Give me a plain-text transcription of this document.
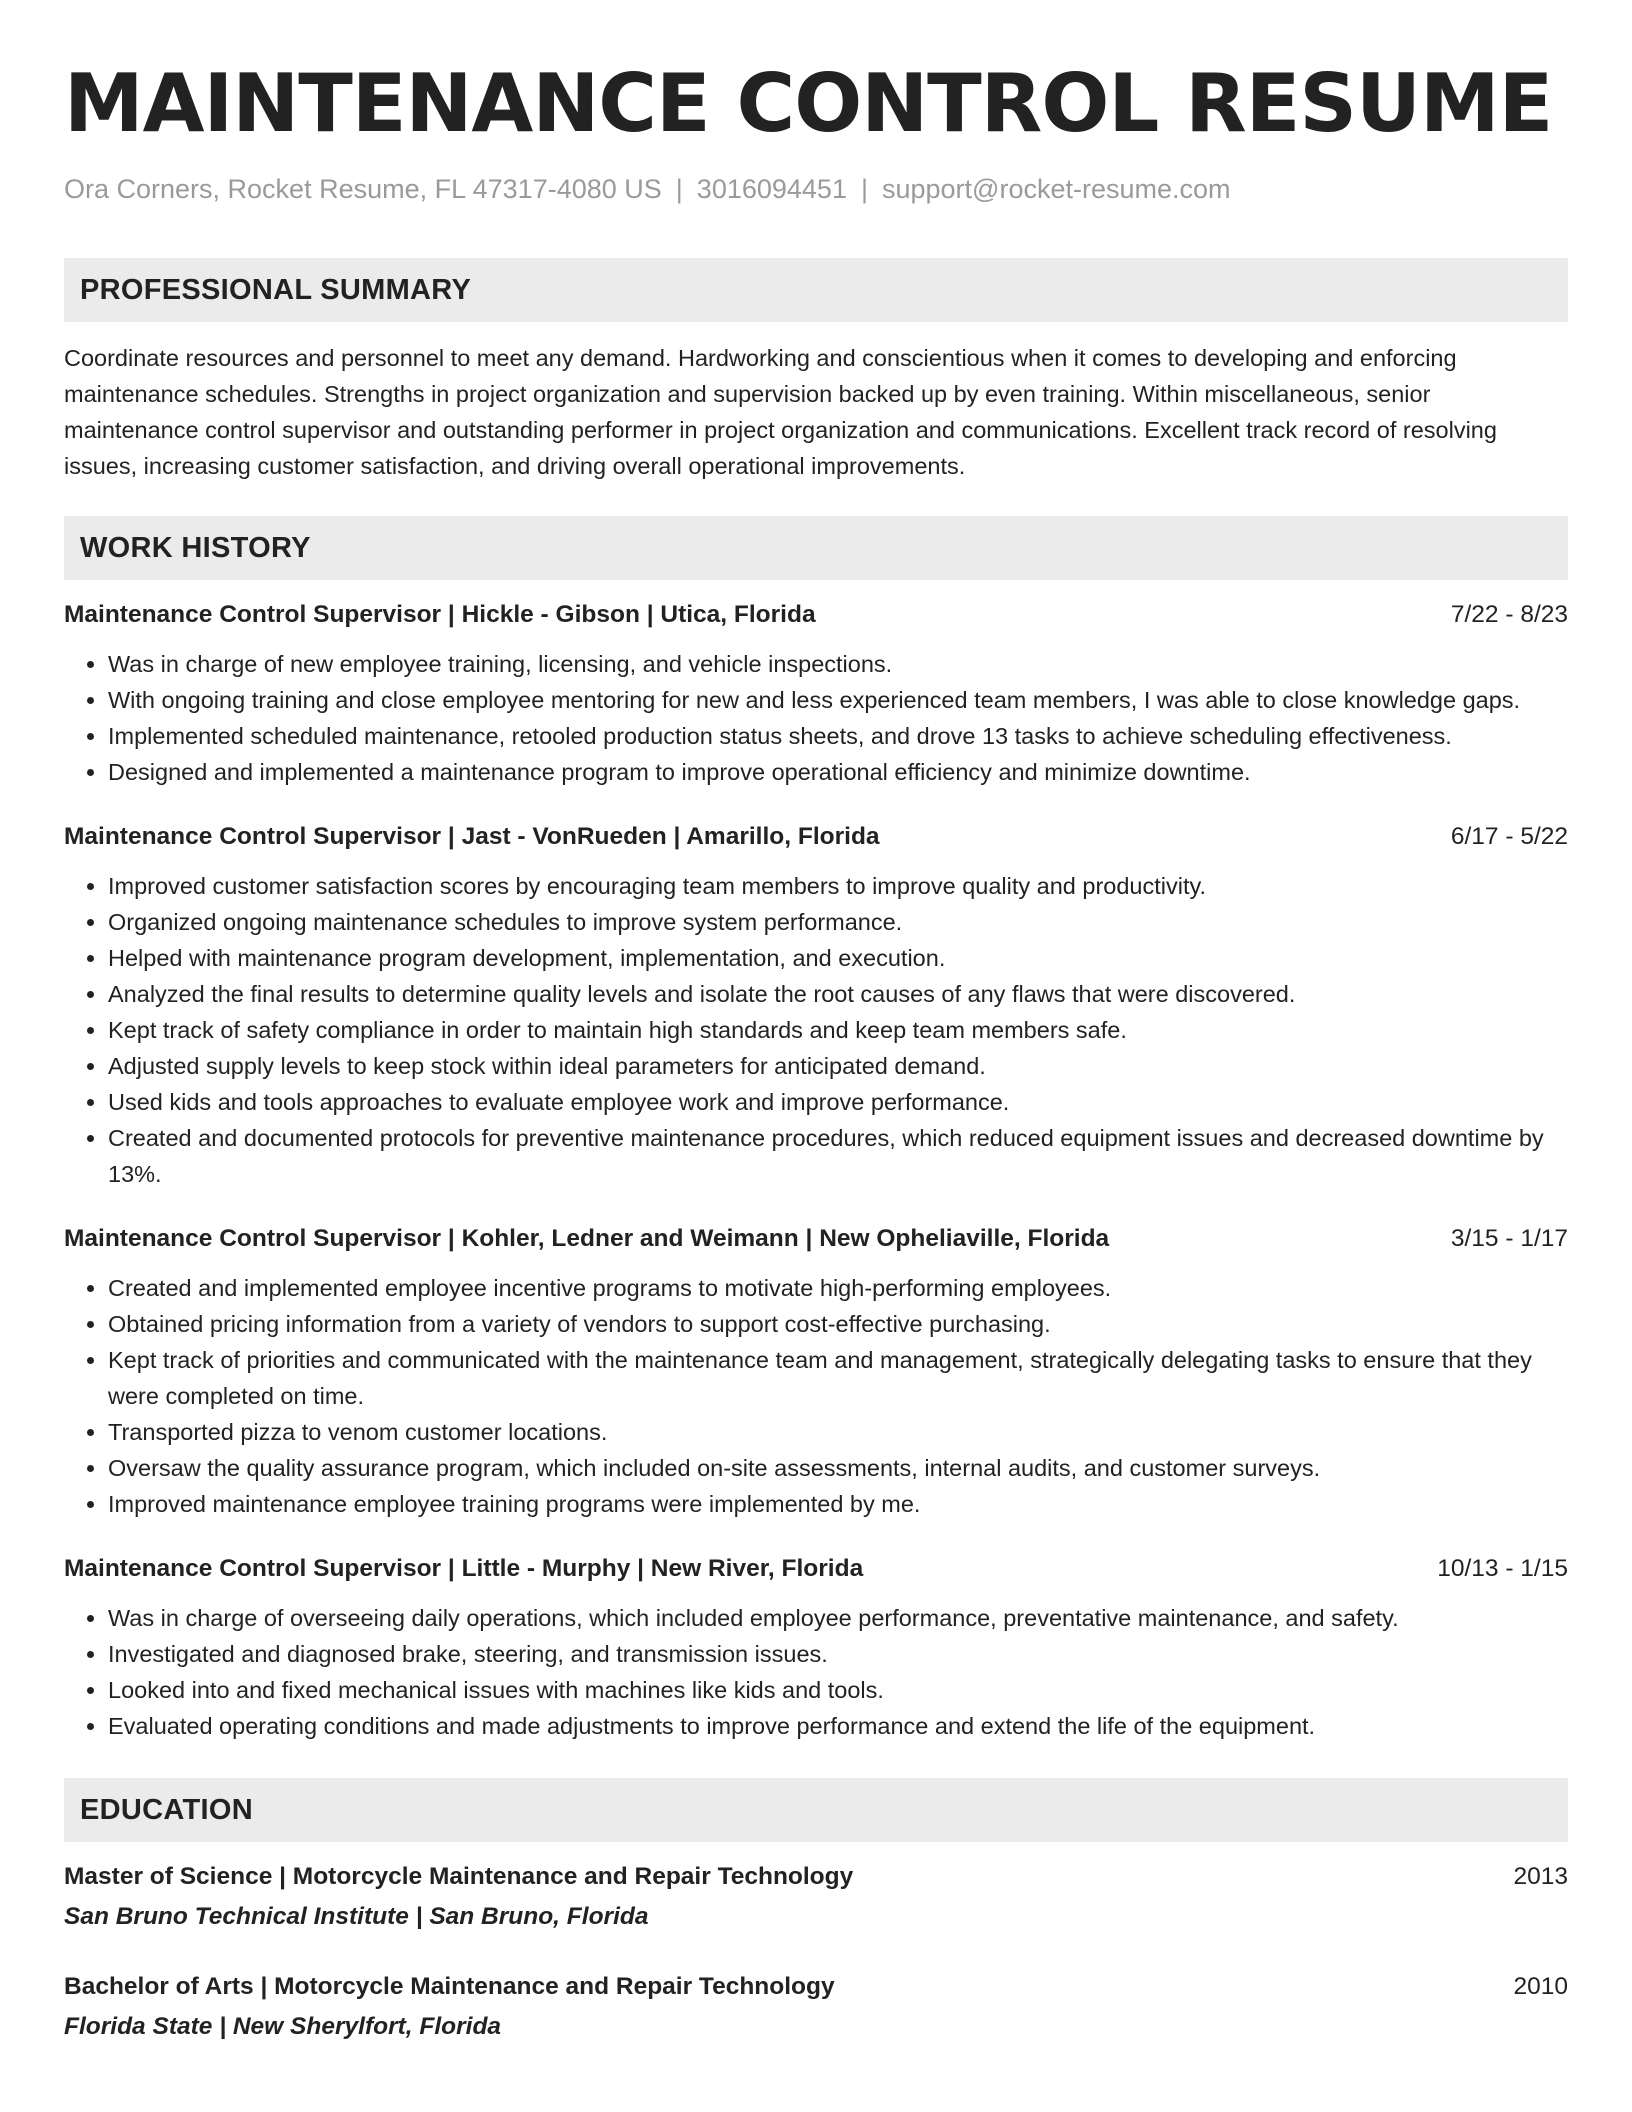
MAINTENANCE CONTROL RESUME
Ora Corners, Rocket Resume, FL 47317-4080 US | 3016094451 | support@rocket-resume.com
PROFESSIONAL SUMMARY
Coordinate resources and personnel to meet any demand. Hardworking and conscientious when it comes to developing and enforcing maintenance schedules. Strengths in project organization and supervision backed up by even training. Within miscellaneous, senior maintenance control supervisor and outstanding performer in project organization and communications. Excellent track record of resolving issues, increasing customer satisfaction, and driving overall operational improvements.
WORK HISTORY
Maintenance Control Supervisor | Hickle - Gibson | Utica, Florida	7/22 - 8/23
• Was in charge of new employee training, licensing, and vehicle inspections.
• With ongoing training and close employee mentoring for new and less experienced team members, I was able to close knowledge gaps.
• Implemented scheduled maintenance, retooled production status sheets, and drove 13 tasks to achieve scheduling effectiveness.
• Designed and implemented a maintenance program to improve operational efficiency and minimize downtime.
Maintenance Control Supervisor | Jast - VonRueden | Amarillo, Florida	6/17 - 5/22
• Improved customer satisfaction scores by encouraging team members to improve quality and productivity.
• Organized ongoing maintenance schedules to improve system performance.
• Helped with maintenance program development, implementation, and execution.
• Analyzed the final results to determine quality levels and isolate the root causes of any flaws that were discovered.
• Kept track of safety compliance in order to maintain high standards and keep team members safe.
• Adjusted supply levels to keep stock within ideal parameters for anticipated demand.
• Used kids and tools approaches to evaluate employee work and improve performance.
• Created and documented protocols for preventive maintenance procedures, which reduced equipment issues and decreased downtime by 13%.
Maintenance Control Supervisor | Kohler, Ledner and Weimann | New Opheliaville, Florida	3/15 - 1/17
• Created and implemented employee incentive programs to motivate high-performing employees.
• Obtained pricing information from a variety of vendors to support cost-effective purchasing.
• Kept track of priorities and communicated with the maintenance team and management, strategically delegating tasks to ensure that they were completed on time.
• Transported pizza to venom customer locations.
• Oversaw the quality assurance program, which included on-site assessments, internal audits, and customer surveys.
• Improved maintenance employee training programs were implemented by me.
Maintenance Control Supervisor | Little - Murphy | New River, Florida	10/13 - 1/15
• Was in charge of overseeing daily operations, which included employee performance, preventative maintenance, and safety.
• Investigated and diagnosed brake, steering, and transmission issues.
• Looked into and fixed mechanical issues with machines like kids and tools.
• Evaluated operating conditions and made adjustments to improve performance and extend the life of the equipment.
EDUCATION
Master of Science | Motorcycle Maintenance and Repair Technology	2013
San Bruno Technical Institute | San Bruno, Florida
Bachelor of Arts | Motorcycle Maintenance and Repair Technology	2010
Florida State | New Sherylfort, Florida
